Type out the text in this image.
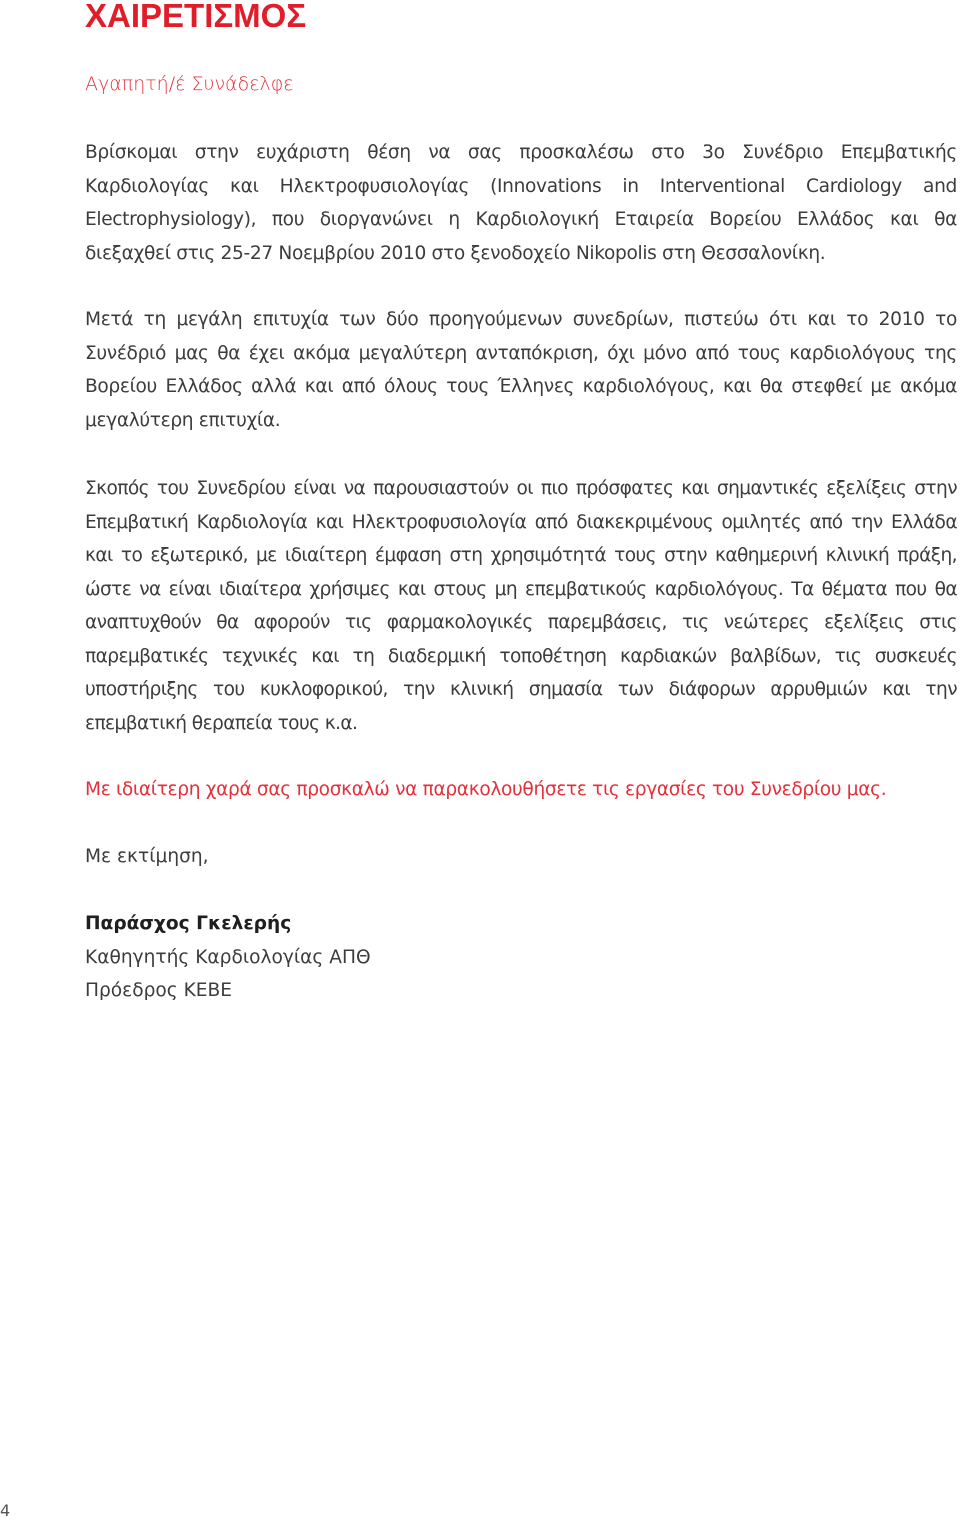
ΧΑΙΡΕΤΙΣΜΟΣ

Αγαπητή/έ Συνάδελφε

Βρίσκομαι στην ευχάριστη θέση να σας προσκαλέσω στο 3ο Συνέδριο Επεμβατικής Καρδιολογίας και Ηλεκτροφυσιολογίας (Innovations in Interventional Cardiology and Electrophysiology), που διοργανώνει η Καρδιολογική Εταιρεία Βορείου Ελλάδος και θα διεξαχθεί στις 25-27 Νοεμβρίου 2010 στο ξενοδοχείο Nikopolis στη Θεσσαλονίκη.

Μετά τη μεγάλη επιτυχία των δύο προηγούμενων συνεδρίων, πιστεύω ότι και το 2010 το Συνέδριό μας θα έχει ακόμα μεγαλύτερη ανταπόκριση, όχι μόνο από τους καρδιολόγους της Βορείου Ελλάδος αλλά και από όλους τους Έλληνες καρδιολόγους, και θα στεφθεί με ακόμα μεγαλύτερη επιτυχία.

Σκοπός του Συνεδρίου είναι να παρουσιαστούν οι πιο πρόσφατες και σημαντικές εξελίξεις στην Επεμβατική Καρδιολογία και Ηλεκτροφυσιολογία από διακεκριμένους ομιλητές από την Ελλάδα και το εξωτερικό, με ιδιαίτερη έμφαση στη χρησιμότητά τους στην καθημερινή κλινική πράξη, ώστε να είναι ιδιαίτερα χρήσιμες και στους μη επεμβατικούς καρδιολόγους. Τα θέματα που θα αναπτυχθούν θα αφορούν τις φαρμακολογικές παρεμβάσεις, τις νεώτερες εξελίξεις στις παρεμβατικές τεχνικές και τη διαδερμική τοποθέτηση καρδιακών βαλβίδων, τις συσκευές υποστήριξης του κυκλοφορικού, την κλινική σημασία των διάφορων αρρυθμιών και την επεμβατική θεραπεία τους κ.α.

Με ιδιαίτερη χαρά σας προσκαλώ να παρακολουθήσετε τις εργασίες του Συνεδρίου μας.

Με εκτίμηση,

Παράσχος Γκελερής
Καθηγητής Καρδιολογίας ΑΠΘ
Πρόεδρος ΚΕΒΕ
4
